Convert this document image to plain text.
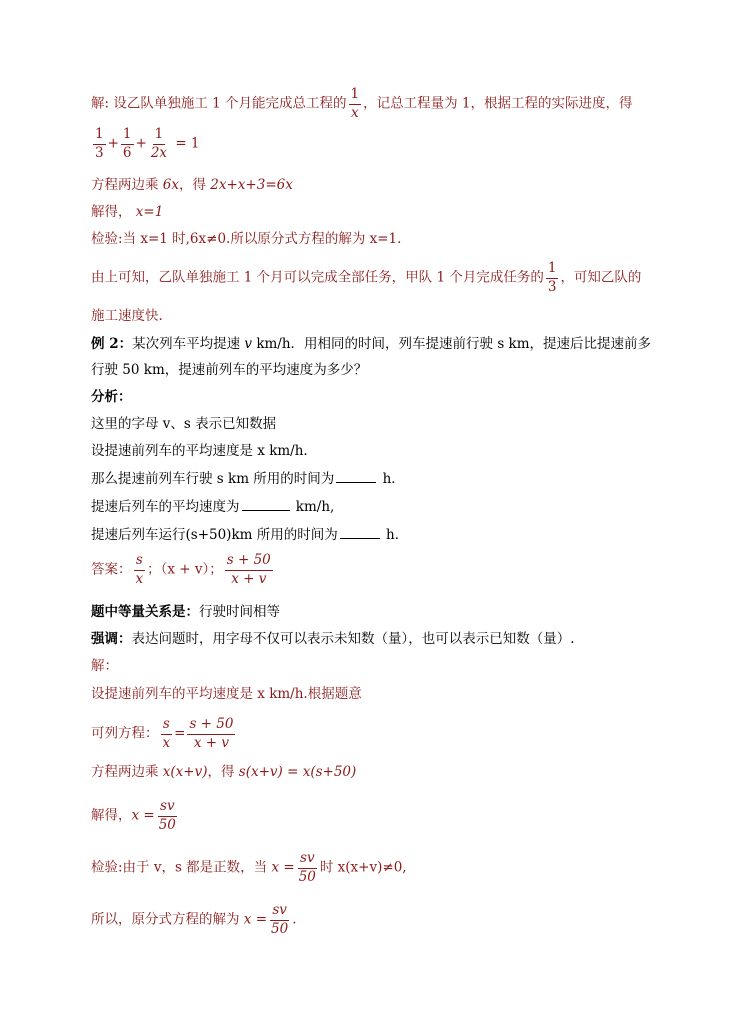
解: 设乙队单独施工 1 个月能完成总工程的 $\frac{1}{x}$ ，记总工程量为 1，根据工程的实际进度，得
$\frac{1}{3} + \frac{1}{6} + \frac{1}{2x} = 1$
方程两边乘 6x，得 2x+x+3=6x
解得， x=1
检验:当 x=1 时,6x≠0.所以原分式方程的解为 x=1.
由上可知，乙队单独施工 1 个月可以完成全部任务，甲队 1 个月完成任务的 $\frac{1}{3}$ ，可知乙队的
施工速度快.
例 2：某次列车平均提速 v km/h．用相同的时间，列车提速前行驶 s km，提速后比提速前多
行驶 50 km，提速前列车的平均速度为多少？
分析：
这里的字母 v、s 表示已知数据
设提速前列车的平均速度是 x km/h.
那么提速前列车行驶 s km 所用的时间为	h．
提速后列车的平均速度为	km/h,
提速后列车运行(s+50)km 所用的时间为	h．
答案： $\frac{s}{x}$ ；（x + v）； $\frac{s + 50}{x + v}$
题中等量关系是：行驶时间相等
强调：表达问题时，用字母不仅可以表示未知数（量），也可以表示已知数（量）.
解：
设提速前列车的平均速度是 x km/h.根据题意
可列方程： $\frac{s}{x} = \frac{s + 50}{x + v}$
方程两边乘 x(x+v)，得 s(x+v) = x(s+50)
解得，$x = \frac{sv}{50}$
检验:由于 v，s 都是正数，当 $x = \frac{sv}{50}$ 时 x(x+v)≠0,
所以，原分式方程的解为 $x = \frac{sv}{50}$ .
